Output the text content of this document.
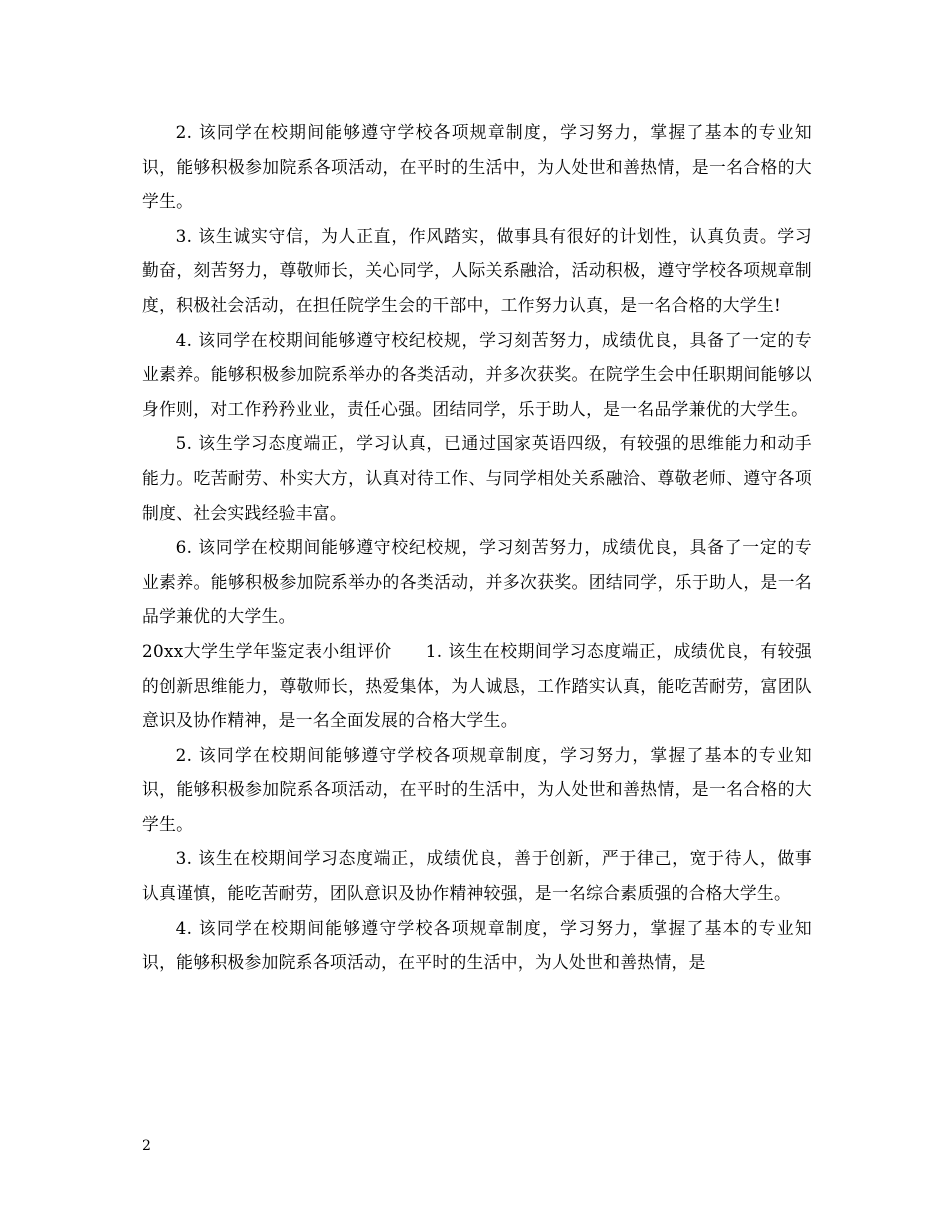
2. 该同学在校期间能够遵守学校各项规章制度，学习努力，掌握了基本的专业知识，能够积极参加院系各项活动，在平时的生活中，为人处世和善热情，是一名合格的大学生。

3. 该生诚实守信，为人正直，作风踏实，做事具有很好的计划性，认真负责。学习勤奋，刻苦努力，尊敬师长，关心同学，人际关系融洽，活动积极，遵守学校各项规章制度，积极社会活动，在担任院学生会的干部中，工作努力认真，是一名合格的大学生!

4. 该同学在校期间能够遵守校纪校规，学习刻苦努力，成绩优良，具备了一定的专业素养。能够积极参加院系举办的各类活动，并多次获奖。在院学生会中任职期间能够以身作则，对工作矜矜业业，责任心强。团结同学，乐于助人，是一名品学兼优的大学生。

5. 该生学习态度端正，学习认真，已通过国家英语四级，有较强的思维能力和动手能力。吃苦耐劳、朴实大方，认真对待工作、与同学相处关系融洽、尊敬老师、遵守各项制度、社会实践经验丰富。

6. 该同学在校期间能够遵守校纪校规，学习刻苦努力，成绩优良，具备了一定的专业素养。能够积极参加院系举办的各类活动，并多次获奖。团结同学，乐于助人，是一名品学兼优的大学生。

20xx大学生学年鉴定表小组评价 1. 该生在校期间学习态度端正，成绩优良，有较强的创新思维能力，尊敬师长，热爱集体，为人诚恳，工作踏实认真，能吃苦耐劳，富团队意识及协作精神，是一名全面发展的合格大学生。

2. 该同学在校期间能够遵守学校各项规章制度，学习努力，掌握了基本的专业知识，能够积极参加院系各项活动，在平时的生活中，为人处世和善热情，是一名合格的大学生。

3. 该生在校期间学习态度端正，成绩优良，善于创新，严于律己，宽于待人，做事认真谨慎，能吃苦耐劳，团队意识及协作精神较强，是一名综合素质强的合格大学生。

4. 该同学在校期间能够遵守学校各项规章制度，学习努力，掌握了基本的专业知识，能够积极参加院系各项活动，在平时的生活中，为人处世和善热情，是

2
